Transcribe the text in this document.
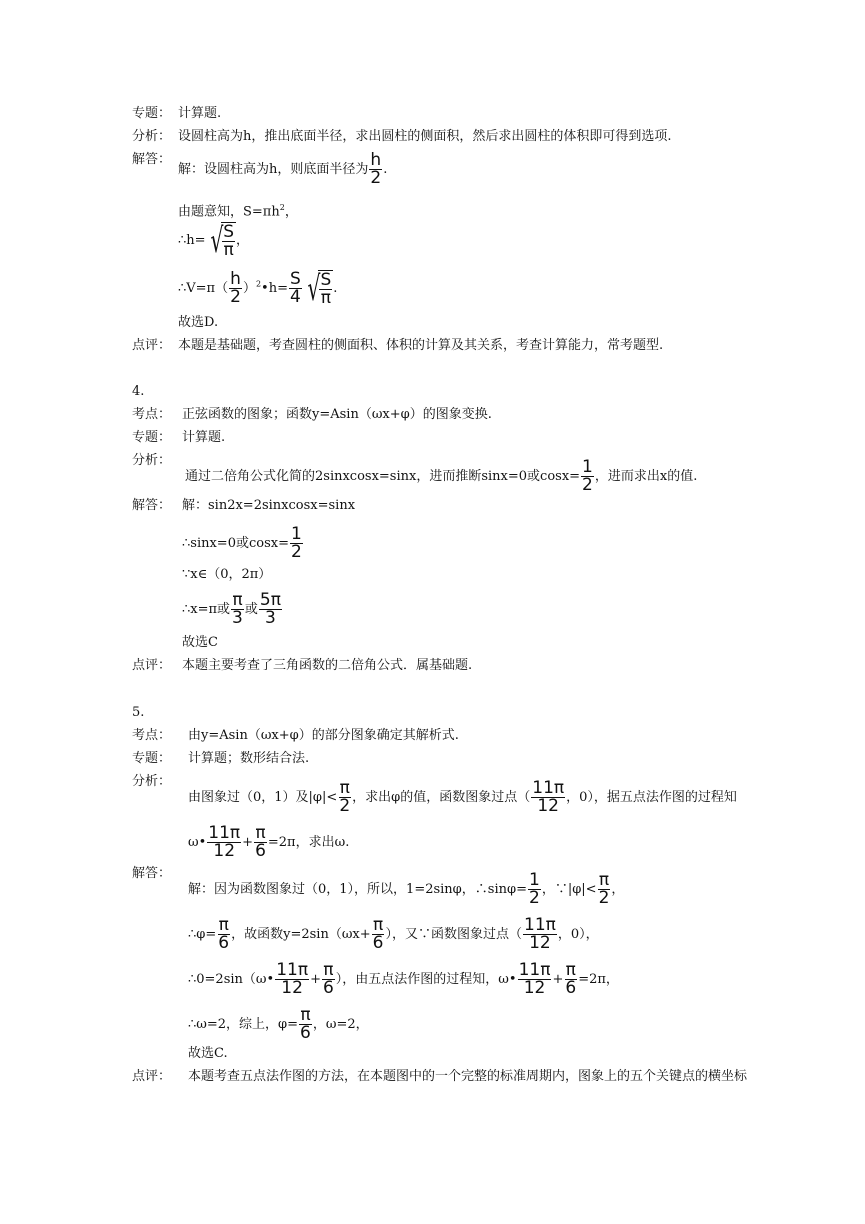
专题： 计算题.
分析： 设圆柱高为h，推出底面半径，求出圆柱的侧面积，然后求出圆柱的体积即可得到选项.
解答：
解：设圆柱高为h，则底面半径为 $\frac{h}{2}$ .
由题意知，$S=\pi h^2$，
∴h= √ $\frac{S}{\pi}$ ，
∴V=π（ $\frac{h}{2}$ ）$^2$•h= $\frac{S}{4}$ √ $\frac{S}{\pi}$ .
故选D.
点评： 本题是基础题，考查圆柱的侧面积、体积的计算及其关系，考查计算能力，常考题型.
4.
考点： 正弦函数的图象；函数y=Asin（ωx+φ）的图象变换.
专题： 计算题.
分析：
通过二倍角公式化简的2sinxcosx=sinx，进而推断sinx=0或$\cos x= \frac{1}{2}$ ，进而求出x的值.
解答： 解：sin2x=2sinxcosx=sinx
∴sinx=0或$\cos x= \frac{1}{2}$
∵x∈（0，2π）
∴x=π或 $\frac{\pi}{3}$ 或 $\frac{5\pi}{3}$
故选C
点评： 本题主要考查了三角函数的二倍角公式．属基础题.
5.
考点： 由y=Asin（ωx+φ）的部分图象确定其解析式.
专题： 计算题；数形结合法.
分析：
由图象过（0，1）及$|\varphi|< \frac{\pi}{2}$ ，求出φ的值，函数图象过点（ $\frac{11\pi}{12}$ ，0），据五点法作图的过程知
ω• $\frac{11\pi}{12} + \frac{\pi}{6} =2\pi$，求出ω.
解答：
解：因为函数图象过（0，1），所以，1=2sinφ，∴sinφ= $\frac{1}{2}$ ，∵|φ|< $\frac{\pi}{2}$ ，
∴φ= $\frac{\pi}{6}$ ，故函数$y=2\sin(\omega x+ \frac{\pi}{6}$ ），又∵函数图象过点（ $\frac{11\pi}{12}$ ，0），
∴0=2sin（ω• $\frac{11\pi}{12} + \frac{\pi}{6}$ ），由五点法作图的过程知，ω• $\frac{11\pi}{12} + \frac{\pi}{6} =2\pi$，
∴ω=2，综上，$\varphi= \frac{\pi}{6}$ ，ω=2，
故选C.
点评： 本题考查五点法作图的方法，在本题图中的一个完整的标准周期内，图象上的五个关键点的横坐标
